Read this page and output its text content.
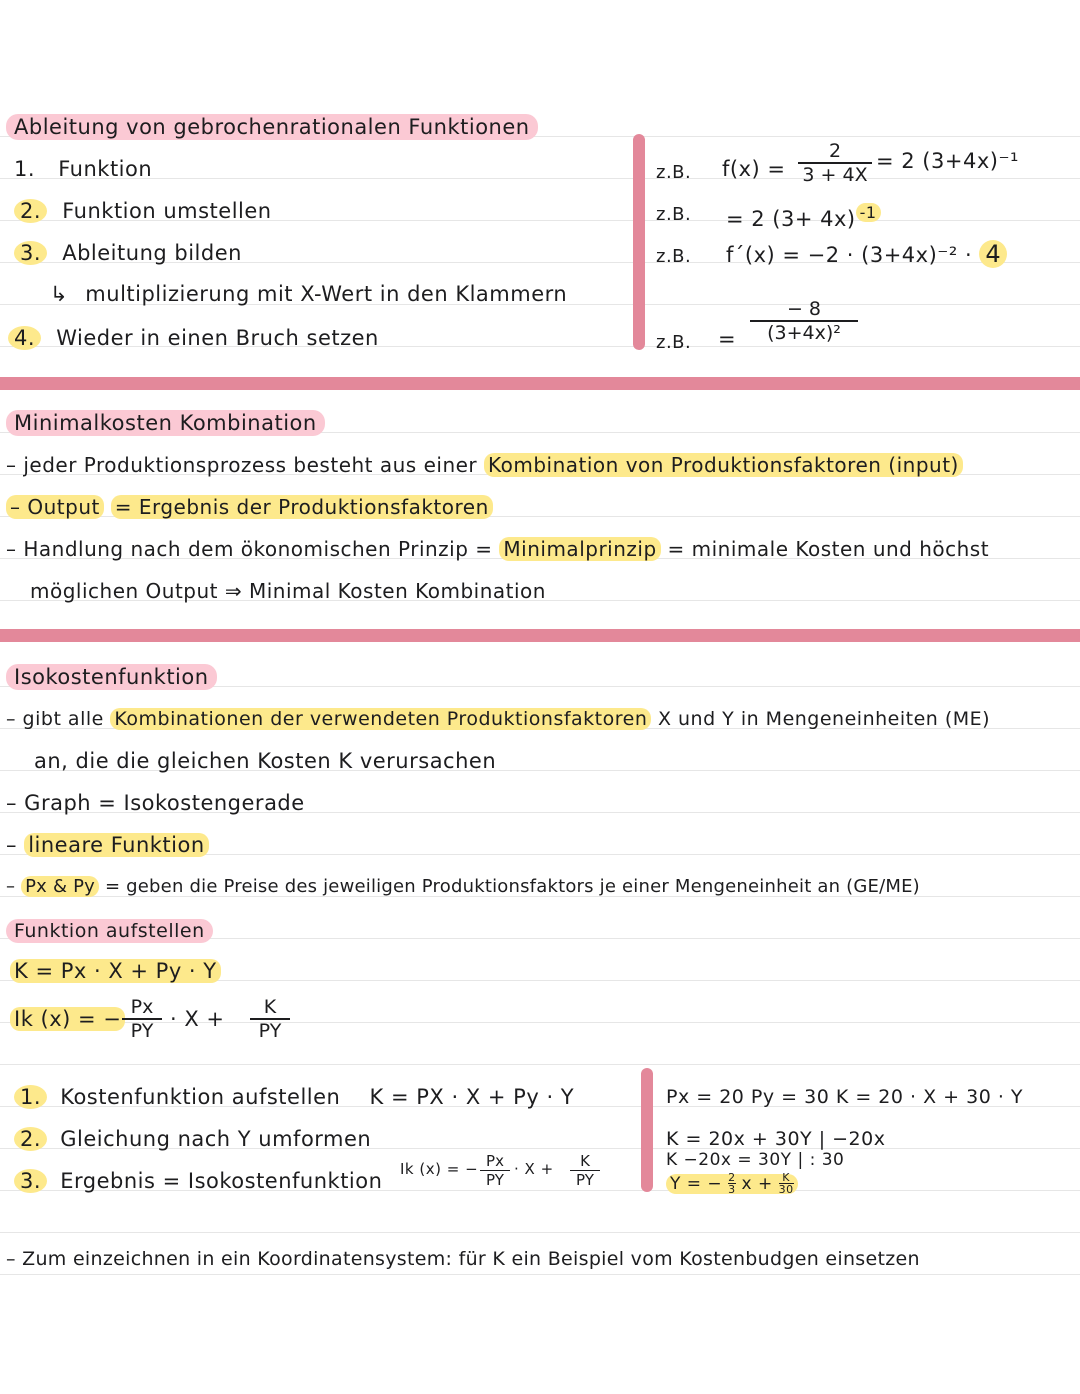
Ableitung von gebrochenrationalen Funktionen
1. Funktion
2. Funktion umstellen
3. Ableitung bilden
↳ multiplizierung mit X-Wert in den Klammern
4. Wieder in einen Bruch setzen
z.B. $f(x) = \frac{2}{3 + 4X} = 2$ (3+4x)⁻¹
z.B. = 2 (3+ 4x) $^{-1}$
z.B. f´(x) = −2 · (3+4x)⁻² · 4
z.B. = $\frac{- 8}{\text{(3+4x)²}}$
Minimalkosten Kombination
– jeder Produktionsprozess besteht aus einer Kombination von Produktionsfaktoren (input)
– Output = Ergebnis der Produktionsfaktoren
– Handlung nach dem ökonomischen Prinzip = Minimalprinzip = minimale Kosten und höchst
möglichen Output ⇒ Minimal Kosten Kombination
Isokostenfunktion
– gibt alle Kombinationen der verwendeten Produktionsfaktoren X und Y in Mengeneinheiten (ME)
an, die die gleichen Kosten K verursachen
– Graph = Isokostengerade
– lineare Funktion
– Px & Py = geben die Preise des jeweiligen Produktionsfaktors je einer Mengeneinheit an (GE/ME)
Funktion aufstellen
K = Px · X + Py · Y
Ik (x) = − $\frac{Px}{PY} \cdot X + \frac{K}{PY}$
1. Kostenfunktion aufstellen K = PX · X + Py · Y
2. Gleichung nach Y umformen
3. Ergebnis = Isokostenfunktion Ik (x) = − $\frac{Px}{PY} \cdot X + \frac{K}{PY}$
Px = 20 Py = 30 K = 20 · X + 30 · Y
K = 20x + 30Y | −20x
K −20x = 30Y | : 30
Y = − $\frac{2}{3}$ $x + \frac{K}{30}$
– Zum einzeichnen in ein Koordinatensystem: für K ein Beispiel vom Kostenbudgen einsetzen
